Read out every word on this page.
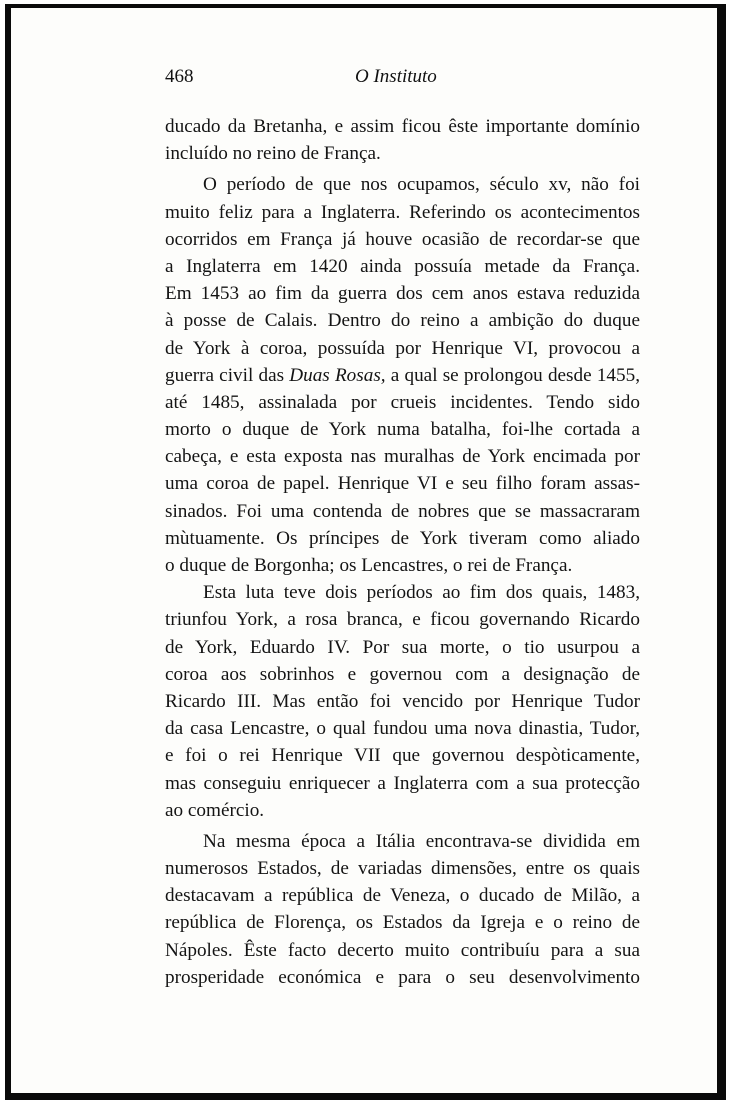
468	O Instituto
ducado da Bretanha, e assim ficou êste importante domínio
incluído no reino de França.
O período de que nos ocupamos, século xv, não foi
muito feliz para a Inglaterra. Referindo os acontecimentos
ocorridos em França já houve ocasião de recordar-se que
a Inglaterra em 1420 ainda possuía metade da França.
Em 1453 ao fim da guerra dos cem anos estava reduzida
à posse de Calais. Dentro do reino a ambição do duque
de York à coroa, possuída por Henrique VI, provocou a
guerra civil das Duas Rosas, a qual se prolongou desde 1455,
até 1485, assinalada por crueis incidentes. Tendo sido
morto o duque de York numa batalha, foi-lhe cortada a
cabeça, e esta exposta nas muralhas de York encimada por
uma coroa de papel. Henrique VI e seu filho foram assas-
sinados. Foi uma contenda de nobres que se massacraram
mùtuamente. Os príncipes de York tiveram como aliado
o duque de Borgonha; os Lencastres, o rei de França.
Esta luta teve dois períodos ao fim dos quais, 1483,
triunfou York, a rosa branca, e ficou governando Ricardo
de York, Eduardo IV. Por sua morte, o tio usurpou a
coroa aos sobrinhos e governou com a designação de
Ricardo III. Mas então foi vencido por Henrique Tudor
da casa Lencastre, o qual fundou uma nova dinastia, Tudor,
e foi o rei Henrique VII que governou despòticamente,
mas conseguiu enriquecer a Inglaterra com a sua protecção
ao comércio.
Na mesma época a Itália encontrava-se dividida em
numerosos Estados, de variadas dimensões, entre os quais
destacavam a república de Veneza, o ducado de Milão, a
república de Florença, os Estados da Igreja e o reino de
Nápoles. Êste facto decerto muito contribuíu para a sua
prosperidade económica e para o seu desenvolvimento
